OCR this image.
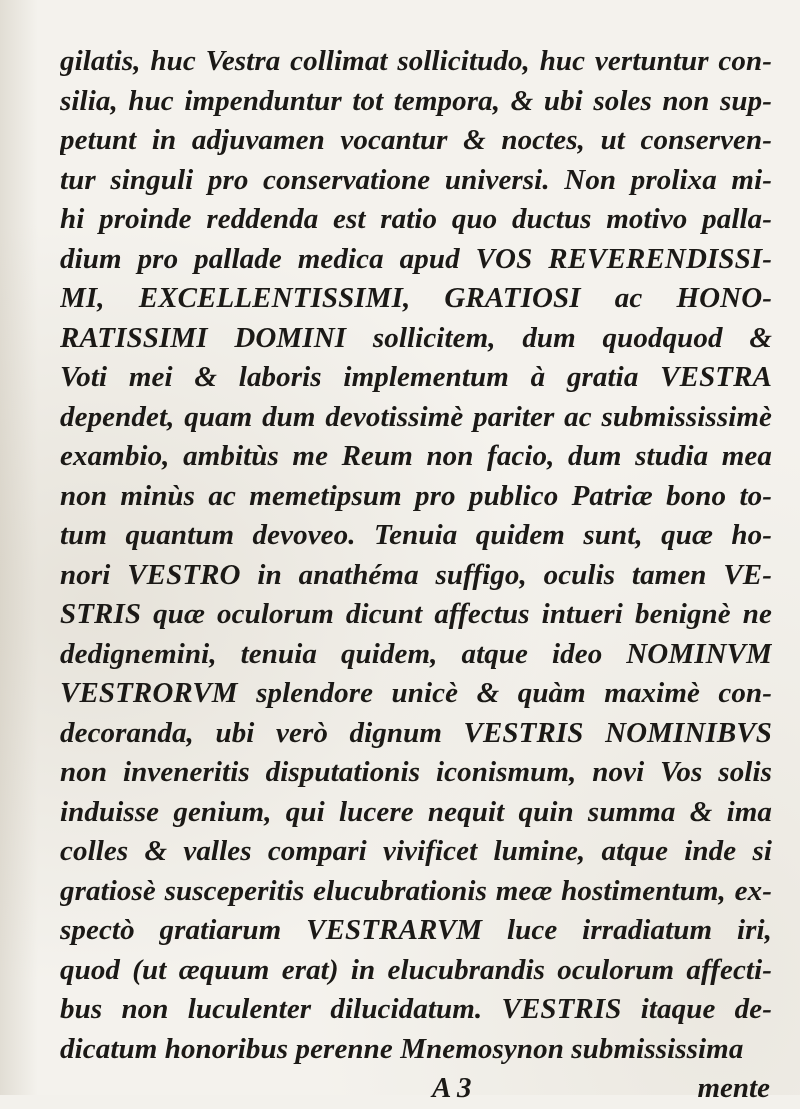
gilatis, huc Vestra collimat sollicitudo, huc vertuntur con-
silia, huc impenduntur tot tempora, & ubi soles non sup-
petunt in adjuvamen vocantur & noctes, ut conserven-
tur singuli pro conservatione universi. Non prolixa mi-
hi proinde reddenda est ratio quo ductus motivo palla-
dium pro pallade medica apud VOS REVERENDISSI-
MI, EXCELLENTISSIMI, GRATIOSI ac HONO-
RATISSIMI DOMINI sollicitem, dum quodquod &
Voti mei & laboris implementum à gratia VESTRA
dependet, quam dum devotissimè pariter ac submississimè
exambio, ambitùs me Reum non facio, dum studia mea
non minùs ac memetipsum pro publico Patriæ bono to-
tum quantum devoveo. Tenuia quidem sunt, quæ ho-
nori VESTRO in anathéma suffigo, oculis tamen VE-
STRIS quæ oculorum dicunt affectus intueri benignè ne
dedignemini, tenuia quidem, atque ideo NOMINVM
VESTRORVM splendore unicè & quàm maximè con-
decoranda, ubi verò dignum VESTRIS NOMINIBVS
non inveneritis disputationis iconismum, novi Vos solis
induisse genium, qui lucere nequit quin summa & ima
colles & valles compari vivificet lumine, atque inde si
gratiosè susceperitis elucubrationis meæ hostimentum, ex-
spectò gratiarum VESTRARVM luce irradiatum iri,
quod (ut æquum erat) in elucubrandis oculorum affecti-
bus non luculenter dilucidatum. VESTRIS itaque de-
dicatum honoribus perenne Mnemosynon submississima
A 3	mente
